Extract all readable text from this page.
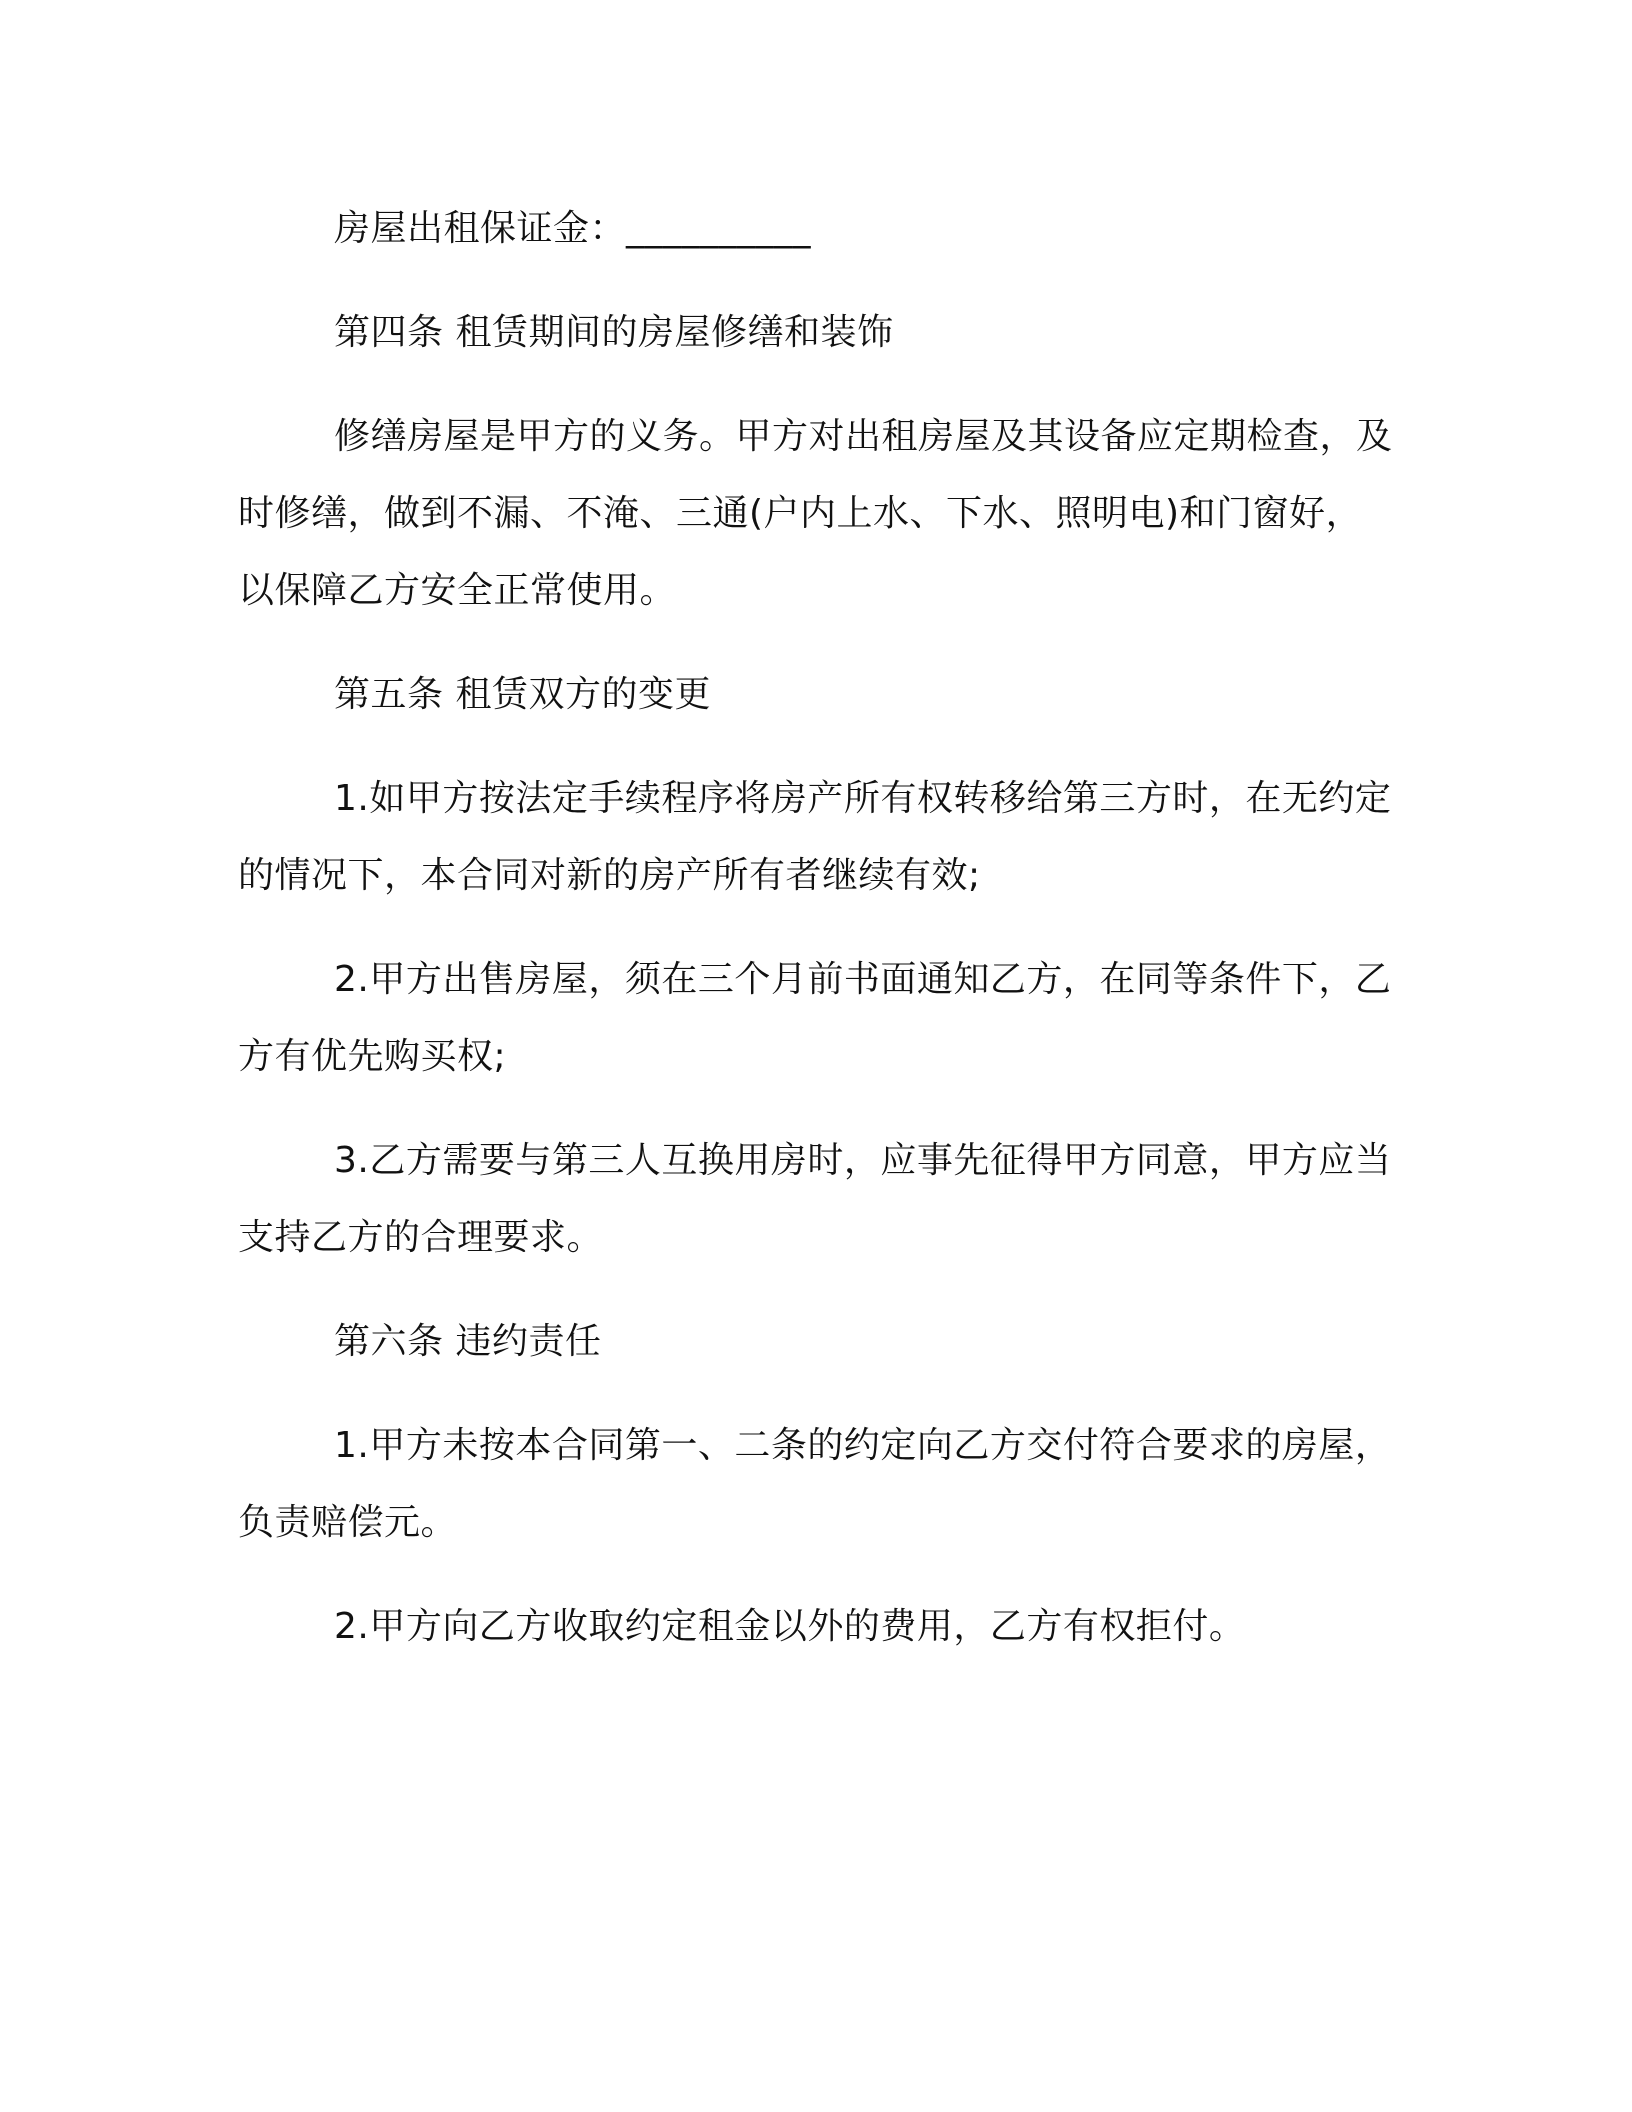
房屋出租保证金：__________

第四条 租赁期间的房屋修缮和装饰

修缮房屋是甲方的义务。甲方对出租房屋及其设备应定期检查，及时修缮，做到不漏、不淹、三通(户内上水、下水、照明电)和门窗好，以保障乙方安全正常使用。

第五条 租赁双方的变更

1.如甲方按法定手续程序将房产所有权转移给第三方时，在无约定的情况下，本合同对新的房产所有者继续有效;

2.甲方出售房屋，须在三个月前书面通知乙方，在同等条件下，乙方有优先购买权;

3.乙方需要与第三人互换用房时，应事先征得甲方同意，甲方应当支持乙方的合理要求。

第六条 违约责任

1.甲方未按本合同第一、二条的约定向乙方交付符合要求的房屋，负责赔偿元。

2.甲方向乙方收取约定租金以外的费用，乙方有权拒付。
